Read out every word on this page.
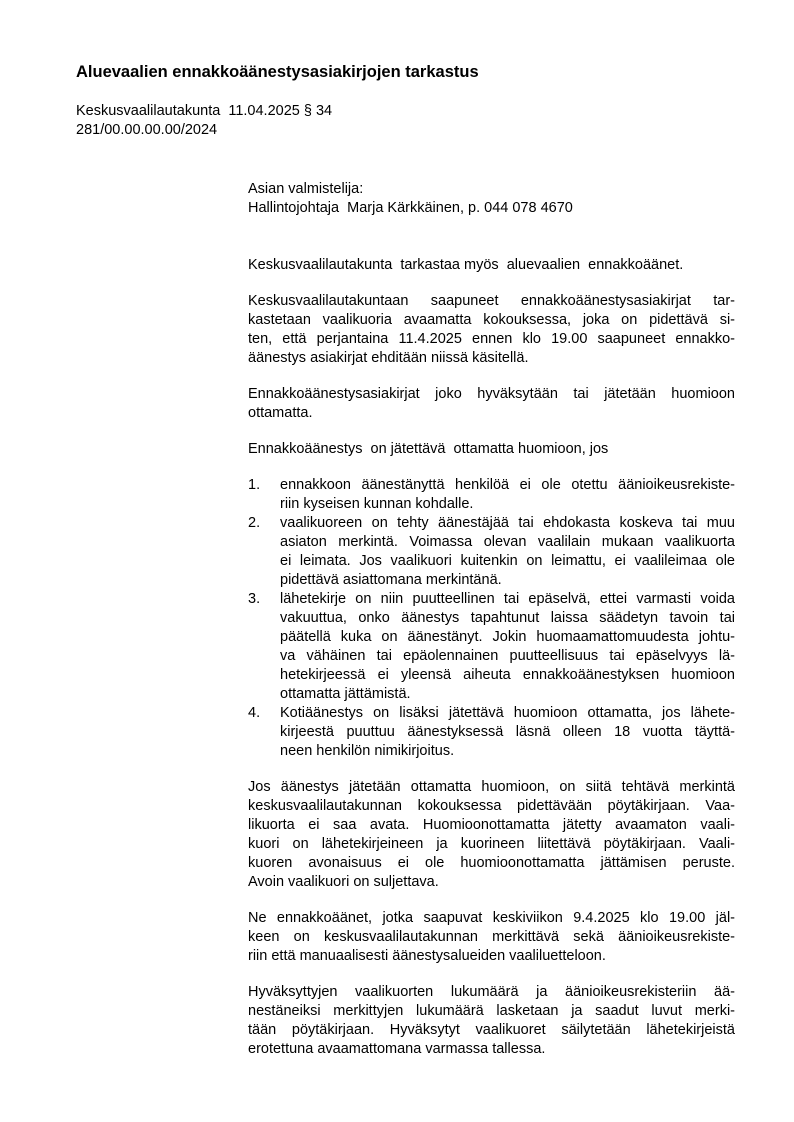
Aluevaalien ennakkoäänestysasiakirjojen tarkastus
Keskusvaalilautakunta  11.04.2025 § 34
281/00.00.00.00/2024
Asian valmistelija:
Hallintojohtaja  Marja Kärkkäinen, p. 044 078 4670
Keskusvaalilautakunta  tarkastaa myös  aluevaalien  ennakkoäänet.
Keskusvaalilautakuntaan saapuneet ennakkoäänestysasiakirjat tar-
kastetaan vaalikuoria avaamatta kokouksessa, joka on pidettävä si-
ten, että perjantaina 11.4.2025 ennen klo 19.00 saapuneet ennakko-
äänestys asiakirjat ehditään niissä käsitellä.
Ennakkoäänestysasiakirjat joko hyväksytään tai jätetään huomioon
ottamatta.
Ennakkoäänestys  on jätettävä  ottamatta huomioon, jos
1.	ennakkoon äänestänyttä henkilöä ei ole otettu äänioikeusrekiste-
riin kyseisen kunnan kohdalle.
2.	vaalikuoreen on tehty äänestäjää tai ehdokasta koskeva tai muu
asiaton merkintä. Voimassa olevan vaalilain mukaan vaalikuorta
ei leimata. Jos vaalikuori kuitenkin on leimattu, ei vaalileimaa ole
pidettävä asiattomana merkintänä.
3.	lähetekirje on niin puutteellinen tai epäselvä, ettei varmasti voida
vakuuttua, onko äänestys tapahtunut laissa säädetyn tavoin tai
päätellä kuka on äänestänyt. Jokin huomaamattomuudesta johtu-
va vähäinen tai epäolennainen puutteellisuus tai epäselvyys lä-
hetekirjeessä ei yleensä aiheuta ennakkoäänestyksen huomioon
ottamatta jättämistä.
4.	Kotiäänestys on lisäksi jätettävä huomioon ottamatta, jos lähete-
kirjeestä puuttuu äänestyksessä läsnä olleen 18 vuotta täyttä-
neen henkilön nimikirjoitus.
Jos äänestys jätetään ottamatta huomioon, on siitä tehtävä merkintä
keskusvaalilautakunnan kokouksessa pidettävään pöytäkirjaan. Vaa-
likuorta ei saa avata. Huomioonottamatta jätetty avaamaton vaali-
kuori on lähetekirjeineen ja kuorineen liitettävä pöytäkirjaan. Vaali-
kuoren avonaisuus ei ole huomioonottamatta jättämisen peruste.
Avoin vaalikuori on suljettava.
Ne ennakkoäänet, jotka saapuvat keskiviikon 9.4.2025 klo 19.00 jäl-
keen on keskusvaalilautakunnan merkittävä sekä äänioikeusrekiste-
riin että manuaalisesti äänestysalueiden vaaliluetteloon.
Hyväksyttyjen vaalikuorten lukumäärä ja äänioikeusrekisteriin ää-
nestäneiksi merkittyjen lukumäärä lasketaan ja saadut luvut merki-
tään pöytäkirjaan. Hyväksytyt vaalikuoret säilytetään lähetekirjeistä
erotettuna avaamattomana varmassa tallessa.
